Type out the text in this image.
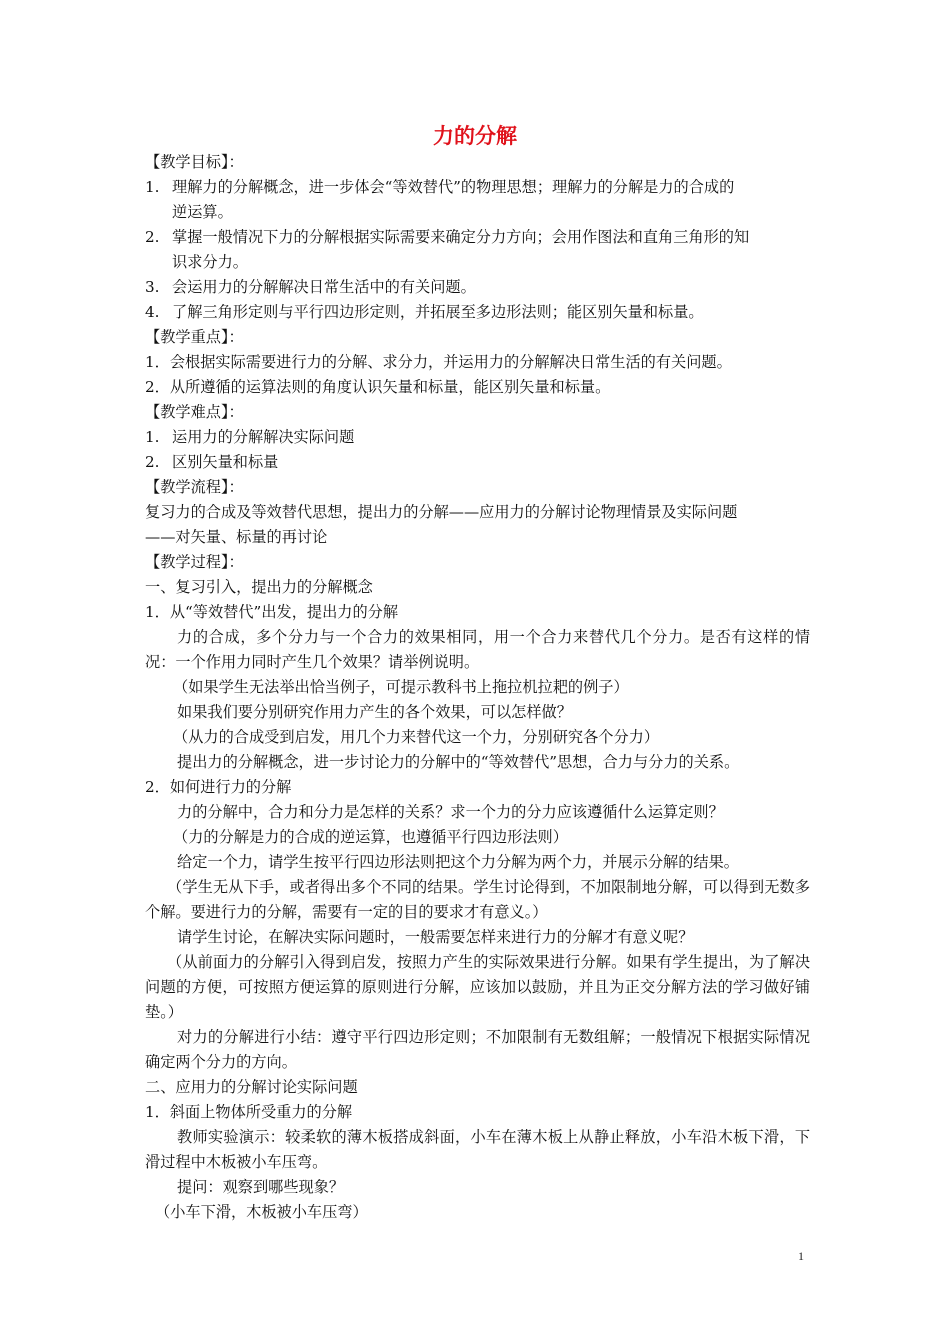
力的分解
【教学目标】：
1. 理解力的分解概念，进一步体会“等效替代”的物理思想；理解力的分解是力的合成的
逆运算。
2. 掌握一般情况下力的分解根据实际需要来确定分力方向；会用作图法和直角三角形的知
识求分力。
3. 会运用力的分解解决日常生活中的有关问题。
4. 了解三角形定则与平行四边形定则，并拓展至多边形法则；能区别矢量和标量。
【教学重点】：
1．会根据实际需要进行力的分解、求分力，并运用力的分解解决日常生活的有关问题。
2．从所遵循的运算法则的角度认识矢量和标量，能区别矢量和标量。
【教学难点】：
1. 运用力的分解解决实际问题
2. 区别矢量和标量
【教学流程】：
复习力的合成及等效替代思想，提出力的分解——应用力的分解讨论物理情景及实际问题
——对矢量、标量的再讨论
【教学过程】：
一、复习引入，提出力的分解概念
1．从“等效替代”出发，提出力的分解

力的合成，多个分力与一个合力的效果相同，用一个合力来替代几个分力。是否有这样的情况：一个作用力同时产生几个效果？请举例说明。

（如果学生无法举出恰当例子，可提示教科书上拖拉机拉耙的例子）
如果我们要分别研究作用力产生的各个效果，可以怎样做？
（从力的合成受到启发，用几个力来替代这一个力，分别研究各个分力）
提出力的分解概念，进一步讨论力的分解中的“等效替代”思想，合力与分力的关系。
2．如何进行力的分解
力的分解中，合力和分力是怎样的关系？求一个力的分力应该遵循什么运算定则？
（力的分解是力的合成的逆运算，也遵循平行四边形法则）
给定一个力，请学生按平行四边形法则把这个力分解为两个力，并展示分解的结果。

（学生无从下手，或者得出多个不同的结果。学生讨论得到，不加限制地分解，可以得到无数多个解。要进行力的分解，需要有一定的目的要求才有意义。）

请学生讨论，在解决实际问题时，一般需要怎样来进行力的分解才有意义呢？

（从前面力的分解引入得到启发，按照力产生的实际效果进行分解。如果有学生提出，为了解决问题的方便，可按照方便运算的原则进行分解，应该加以鼓励，并且为正交分解方法的学习做好铺垫。）

对力的分解进行小结：遵守平行四边形定则；不加限制有无数组解；一般情况下根据实际情况确定两个分力的方向。

二、应用力的分解讨论实际问题
1．斜面上物体所受重力的分解

教师实验演示：较柔软的薄木板搭成斜面，小车在薄木板上从静止释放，小车沿木板下滑，下滑过程中木板被小车压弯。

提问：观察到哪些现象？
（小车下滑，木板被小车压弯）
1
